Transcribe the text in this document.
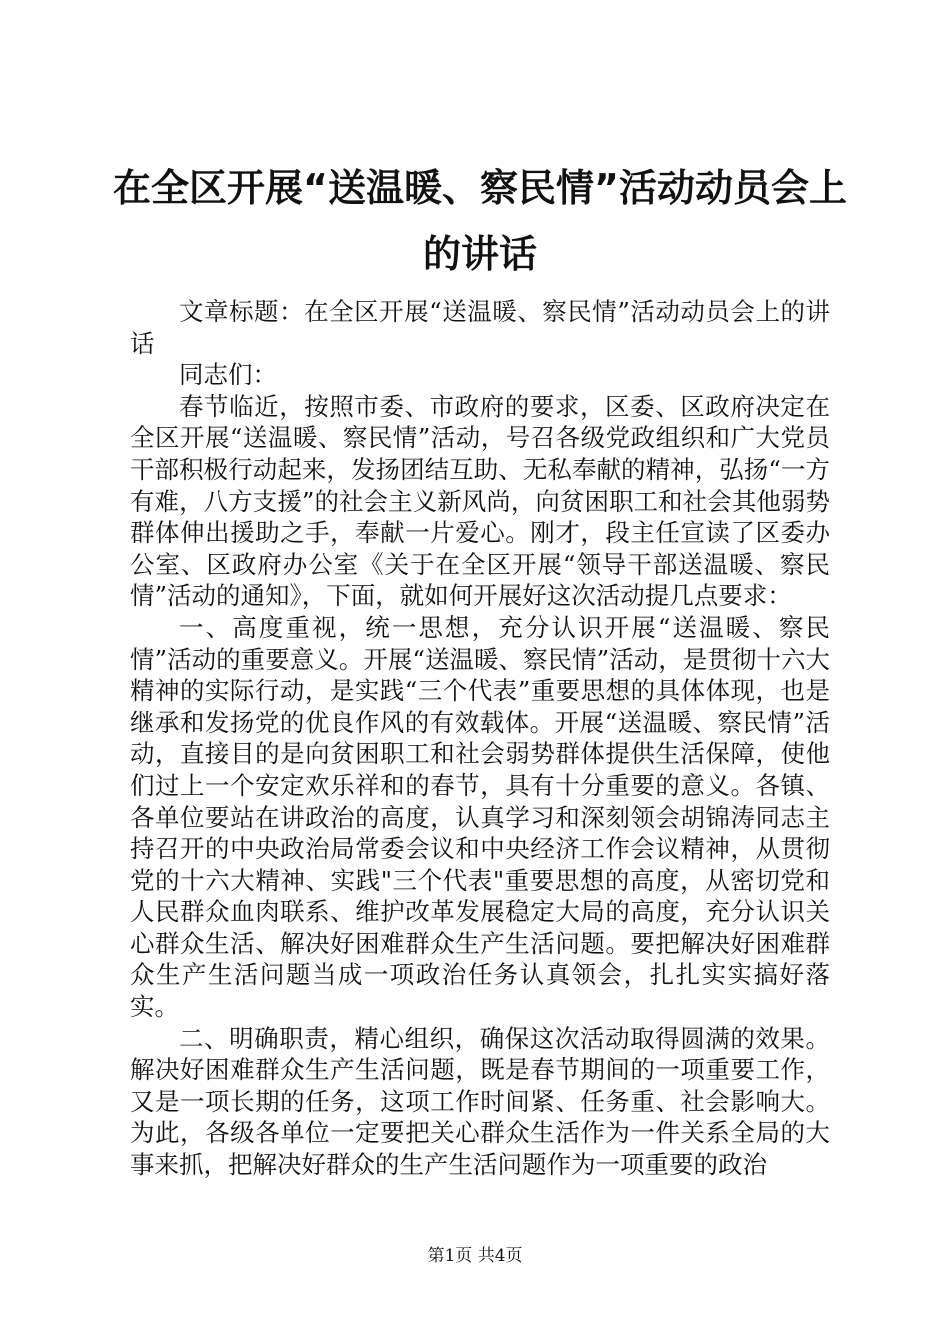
在全区开展“送温暖、察民情”活动动员会上的讲话

文章标题：在全区开展“送温暖、察民情”活动动员会上的讲话

同志们：

春节临近，按照市委、市政府的要求，区委、区政府决定在全区开展“送温暖、察民情”活动，号召各级党政组织和广大党员干部积极行动起来，发扬团结互助、无私奉献的精神，弘扬“一方有难，八方支援”的社会主义新风尚，向贫困职工和社会其他弱势群体伸出援助之手，奉献一片爱心。刚才，段主任宣读了区委办公室、区政府办公室《关于在全区开展“领导干部送温暖、察民情”活动的通知》，下面，就如何开展好这次活动提几点要求：

一、高度重视，统一思想，充分认识开展“送温暖、察民情”活动的重要意义。开展“送温暖、察民情”活动，是贯彻十六大精神的实际行动，是实践“三个代表”重要思想的具体体现，也是继承和发扬党的优良作风的有效载体。开展“送温暖、察民情”活动，直接目的是向贫困职工和社会弱势群体提供生活保障，使他们过上一个安定欢乐祥和的春节，具有十分重要的意义。各镇、各单位要站在讲政治的高度，认真学习和深刻领会胡锦涛同志主持召开的中央政治局常委会议和中央经济工作会议精神，从贯彻党的十六大精神、实践"三个代表"重要思想的高度，从密切党和人民群众血肉联系、维护改革发展稳定大局的高度，充分认识关心群众生活、解决好困难群众生产生活问题。要把解决好困难群众生产生活问题当成一项政治任务认真领会，扎扎实实搞好落实。

二、明确职责，精心组织，确保这次活动取得圆满的效果。解决好困难群众生产生活问题，既是春节期间的一项重要工作，又是一项长期的任务，这项工作时间紧、任务重、社会影响大。为此，各级各单位一定要把关心群众生活作为一件关系全局的大事来抓，把解决好群众的生产生活问题作为一项重要的政治

第1页 共4页
